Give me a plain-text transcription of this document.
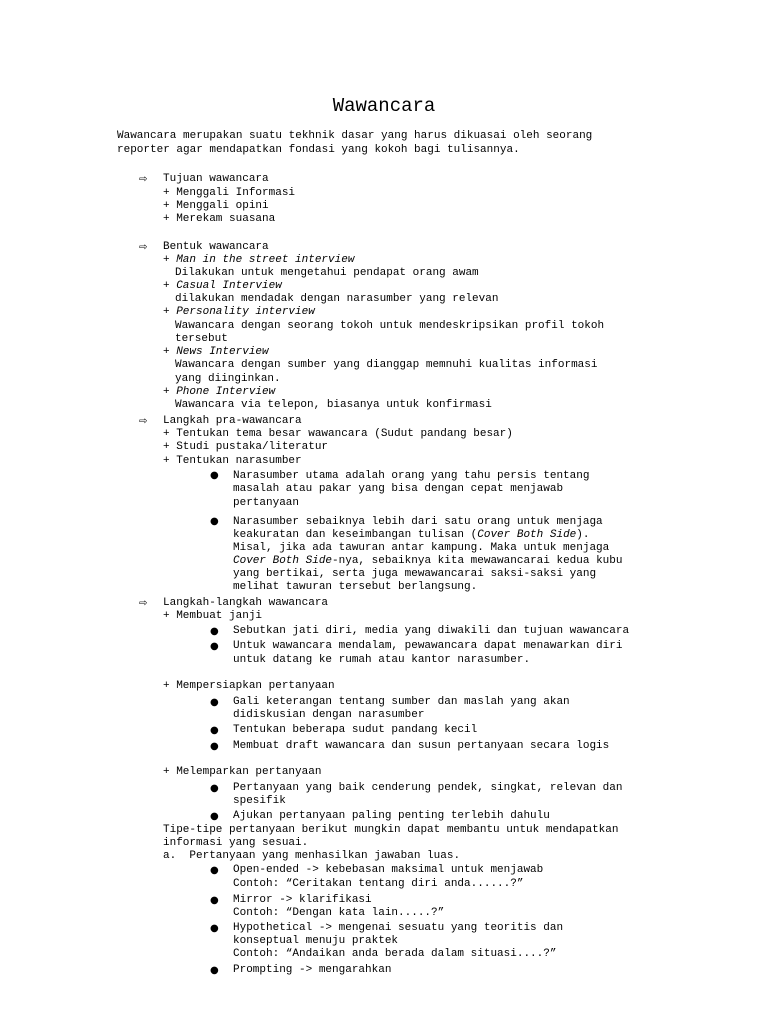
Wawancara
Wawancara merupakan suatu tekhnik dasar yang harus dikuasai oleh seorang
reporter agar mendapatkan fondasi yang kokoh bagi tulisannya.
⇨ Tujuan wawancara
+ Menggali Informasi
+ Menggali opini
+ Merekam suasana
⇨ Bentuk wawancara
+ Man in the street interview
Dilakukan untuk mengetahui pendapat orang awam
+ Casual Interview
dilakukan mendadak dengan narasumber yang relevan
+ Personality interview
Wawancara dengan seorang tokoh untuk mendeskripsikan profil tokoh
tersebut
+ News Interview
Wawancara dengan sumber yang dianggap memnuhi kualitas informasi
yang diinginkan.
+ Phone Interview
Wawancara via telepon, biasanya untuk konfirmasi
⇨ Langkah pra-wawancara
+ Tentukan tema besar wawancara (Sudut pandang besar)
+ Studi pustaka/literatur
+ Tentukan narasumber
● Narasumber utama adalah orang yang tahu persis tentang
masalah atau pakar yang bisa dengan cepat menjawab
pertanyaan
● Narasumber sebaiknya lebih dari satu orang untuk menjaga
keakuratan dan keseimbangan tulisan (Cover Both Side).
Misal, jika ada tawuran antar kampung. Maka untuk menjaga
Cover Both Side-nya, sebaiknya kita mewawancarai kedua kubu
yang bertikai, serta juga mewawancarai saksi-saksi yang
melihat tawuran tersebut berlangsung.
⇨ Langkah-langkah wawancara
+ Membuat janji
● Sebutkan jati diri, media yang diwakili dan tujuan wawancara
● Untuk wawancara mendalam, pewawancara dapat menawarkan diri
untuk datang ke rumah atau kantor narasumber.
+ Mempersiapkan pertanyaan
● Gali keterangan tentang sumber dan maslah yang akan
didiskusian dengan narasumber
● Tentukan beberapa sudut pandang kecil
● Membuat draft wawancara dan susun pertanyaan secara logis
+ Melemparkan pertanyaan
● Pertanyaan yang baik cenderung pendek, singkat, relevan dan
spesifik
● Ajukan pertanyaan paling penting terlebih dahulu
Tipe-tipe pertanyaan berikut mungkin dapat membantu untuk mendapatkan
informasi yang sesuai.
a.  Pertanyaan yang menhasilkan jawaban luas.
● Open-ended -> kebebasan maksimal untuk menjawab
Contoh: “Ceritakan tentang diri anda......?”
● Mirror -> klarifikasi
Contoh: “Dengan kata lain.....?”
● Hypothetical -> mengenai sesuatu yang teoritis dan
konseptual menuju praktek
Contoh: “Andaikan anda berada dalam situasi....?”
● Prompting -> mengarahkan
